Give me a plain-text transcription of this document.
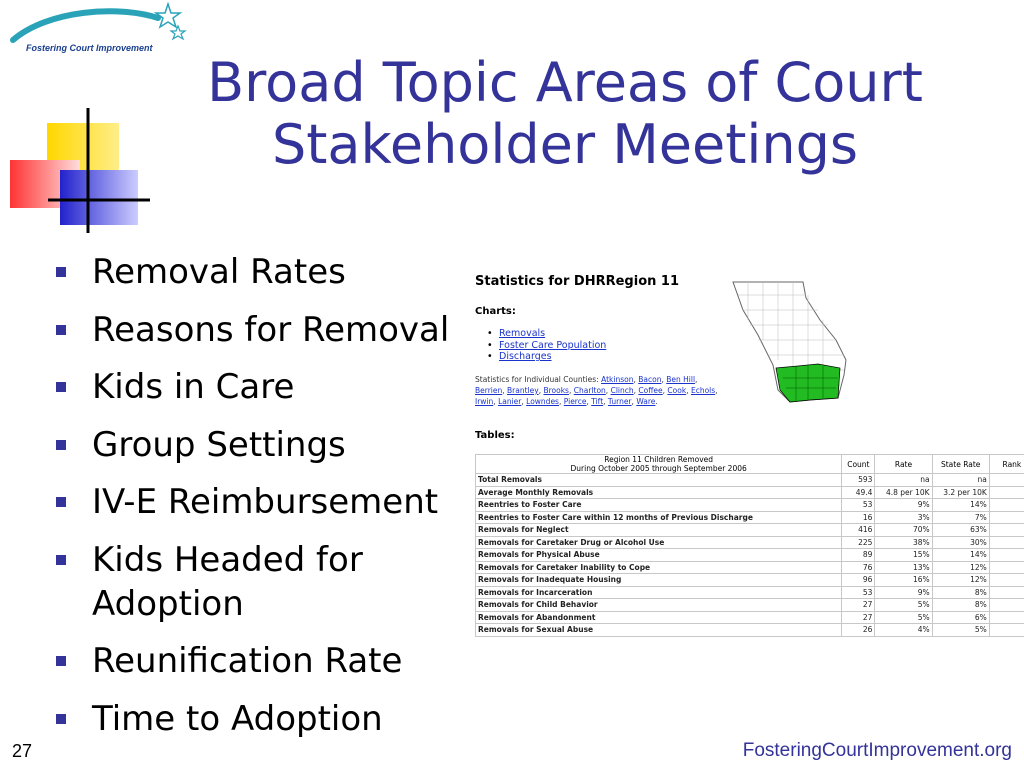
Fostering Court Improvement
Broad Topic Areas of Court
Stakeholder Meetings
Removal Rates
Reasons for Removal
Kids in Care
Group Settings
IV-E Reimbursement
Kids Headed for Adoption
Reunification Rate
Time to Adoption
Statistics for DHRRegion 11
Charts:
• Removals
• Foster Care Population
• Discharges
Statistics for Individual Counties: Atkinson, Bacon, Ben Hill, Berrien, Brantley, Brooks, Charlton, Clinch, Coffee, Cook, Echols, Irwin, Lanier, Lowndes, Pierce, Tift, Turner, Ware.
Tables:
Region 11 Children Removed
During October 2005 through September 2006	Count	Rate	State Rate	Rank
Total Removals	593	na	na	
Average Monthly Removals	49.4	4.8 per 10K	3.2 per 10K	
Reentries to Foster Care	53	9%	14%	
Reentries to Foster Care within 12 months of Previous Discharge	16	3%	7%	
Removals for Neglect	416	70%	63%	
Removals for Caretaker Drug or Alcohol Use	225	38%	30%	
Removals for Physical Abuse	89	15%	14%	
Removals for Caretaker Inability to Cope	76	13%	12%	
Removals for Inadequate Housing	96	16%	12%	
Removals for Incarceration	53	9%	8%	
Removals for Child Behavior	27	5%	8%	
Removals for Abandonment	27	5%	6%	
Removals for Sexual Abuse	26	4%	5%	
27	FosteringCourtImprovement.org
